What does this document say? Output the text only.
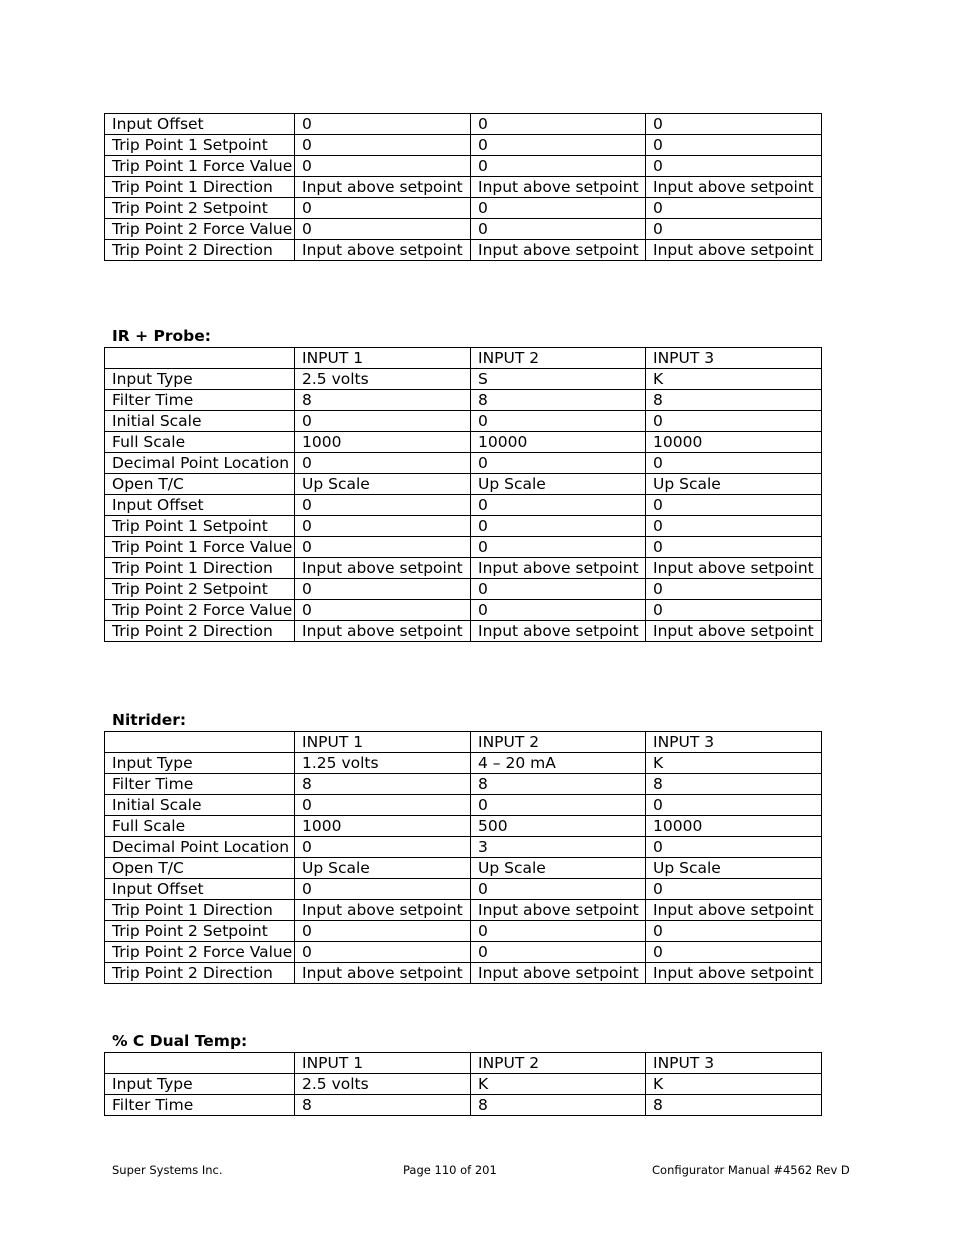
Input Offset	0	0	0
Trip Point 1 Setpoint	0	0	0
Trip Point 1 Force Value	0	0	0
Trip Point 1 Direction	Input above setpoint	Input above setpoint	Input above setpoint
Trip Point 2 Setpoint	0	0	0
Trip Point 2 Force Value	0	0	0
Trip Point 2 Direction	Input above setpoint	Input above setpoint	Input above setpoint
IR + Probe:
	INPUT 1	INPUT 2	INPUT 3
Input Type	2.5 volts	S	K
Filter Time	8	8	8
Initial Scale	0	0	0
Full Scale	1000	10000	10000
Decimal Point Location	0	0	0
Open T/C	Up Scale	Up Scale	Up Scale
Input Offset	0	0	0
Trip Point 1 Setpoint	0	0	0
Trip Point 1 Force Value	0	0	0
Trip Point 1 Direction	Input above setpoint	Input above setpoint	Input above setpoint
Trip Point 2 Setpoint	0	0	0
Trip Point 2 Force Value	0	0	0
Trip Point 2 Direction	Input above setpoint	Input above setpoint	Input above setpoint
Nitrider:
	INPUT 1	INPUT 2	INPUT 3
Input Type	1.25 volts	4 – 20 mA	K
Filter Time	8	8	8
Initial Scale	0	0	0
Full Scale	1000	500	10000
Decimal Point Location	0	3	0
Open T/C	Up Scale	Up Scale	Up Scale
Input Offset	0	0	0
Trip Point 1 Direction	Input above setpoint	Input above setpoint	Input above setpoint
Trip Point 2 Setpoint	0	0	0
Trip Point 2 Force Value	0	0	0
Trip Point 2 Direction	Input above setpoint	Input above setpoint	Input above setpoint
% C Dual Temp:
	INPUT 1	INPUT 2	INPUT 3
Input Type	2.5 volts	K	K
Filter Time	8	8	8
Super Systems Inc.	Page 110 of 201	Configurator Manual #4562 Rev D
